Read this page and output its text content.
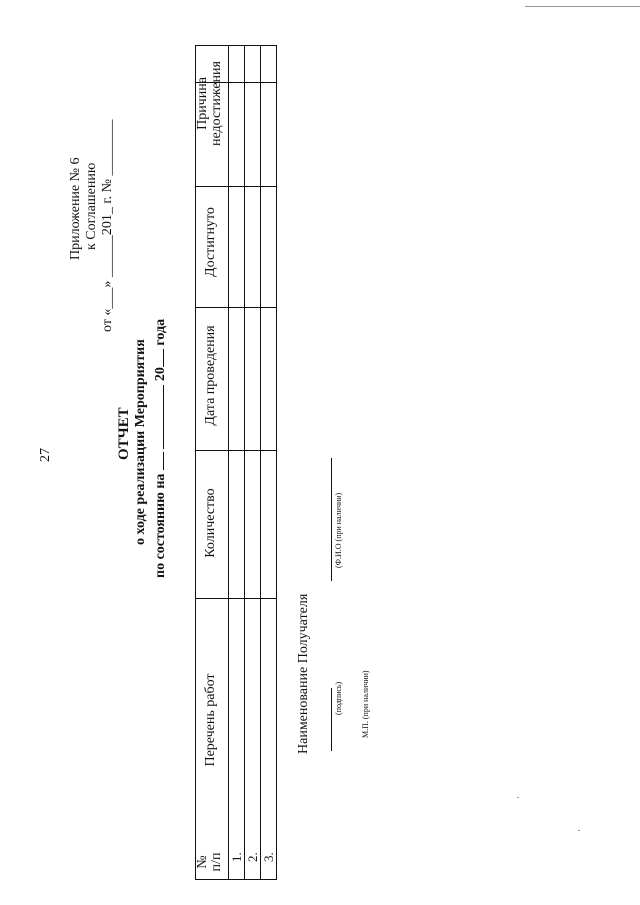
27
Приложение № 6 к Соглашению от «___» ______201_ г. № ________
ОТЧЕТ о ходе реализации Мероприятия по состоянию на   20 года
Причина недостижения
Достигнуто
Дата проведения
Количество
Перечень работ
№ п/п 1. 2. 3.
Наименование Получателя	(подпись)
(Ф.И.О (при наличии)
М.П. (при наличии)
